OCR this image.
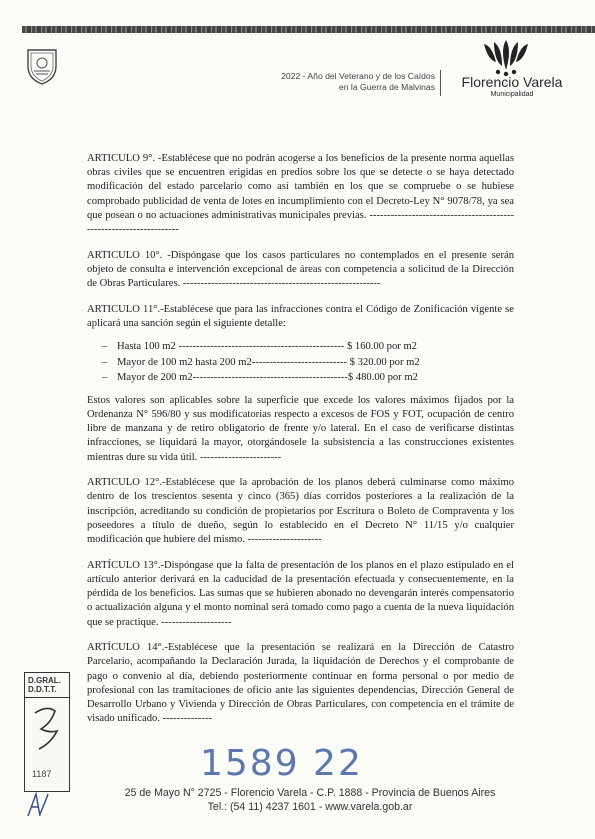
2022 - Año del Veterano y de los Caídos
en la Guerra de Malvinas	Florencio Varela
Municipalidad

ARTICULO 9°. -Establécese que no podrán acogerse a los beneficios de la presente norma aquellas obras civiles que se encuentren erigidas en predios sobre los que se detecte o se haya detectado modificación del estado parcelario como así también en los que se compruebe o se hubiese comprobado publicidad de venta de lotes en incumplimiento con el Decreto-Ley N° 9078/78, ya sea que posean o no actuaciones administrativas municipales previas. -------------------------------------------------------------------

ARTICULO 10°. -Dispóngase que los casos particulares no contemplados en el presente serán objeto de consulta e intervención excepcional de áreas con competencia a solicitud de la Dirección de Obras Particulares. --------------------------------------------------------

ARTICULO 11°.-Establécese que para las infracciones contra el Código de Zonificación vigente se aplicará una sanción según el siguiente detalle:

– Hasta 100 m2 ----------------------------------------------- $ 160.00 por m2
– Mayor de 100 m2 hasta 200 m2--------------------------- $ 320.00 por m2
– Mayor de 200 m2--------------------------------------------$ 480.00 por m2

Estos valores son aplicables sobre la superficie que excede los valores máximos fijados por la Ordenanza N° 596/80 y sus modificatorias respecto a excesos de FOS y FOT, ocupación de centro libre de manzana y de retiro obligatorio de frente y/o lateral. En el caso de verificarse distintas infracciones, se liquidará la mayor, otorgándosele la subsistencia a las construcciones existentes mientras dure su vida útil. -----------------------

ARTICULO 12°.-Establécese que la aprobación de los planos deberá culminarse como máximo dentro de los trescientos sesenta y cinco (365) días corridos posteriores a la realización de la inscripción, acreditando su condición de propietarios por Escritura o Boleto de Compraventa y los poseedores a título de dueño, según lo establecido en el Decreto N° 11/15 y/o cualquier modificación que hubiere del mismo. ---------------------

ARTÍCULO 13°.-Dispóngase que la falta de presentación de los planos en el plazo estipulado en el artículo anterior derivará en la caducidad de la presentación efectuada y consecuentemente, en la pérdida de los beneficios. Las sumas que se hubieren abonado no devengarán interés compensatorio o actualización alguna y el monto nominal será tomado como pago a cuenta de la nueva liquidación que se practique. --------------------

ARTÍCULO 14°.-Establécese que la presentación se realizará en la Dirección de Catastro Parcelario, acompañando la Declaración Jurada, la liquidación de Derechos y el comprobante de pago o convenio al día, debiendo posteriormente continuar en forma personal o por medio de profesional con las tramitaciones de oficio ante las siguientes dependencias, Dirección General de Desarrollo Urbano y Vivienda y Dirección de Obras Particulares, con competencia en el trámite de visado unificado. --------------

D.GRAL.
D.D.T.T.
1187	1589 22
25 de Mayo N° 2725 - Florencio Varela - C.P. 1888 - Provincia de Buenos Aires
Tel.: (54 11) 4237 1601 - www.varela.gob.ar
